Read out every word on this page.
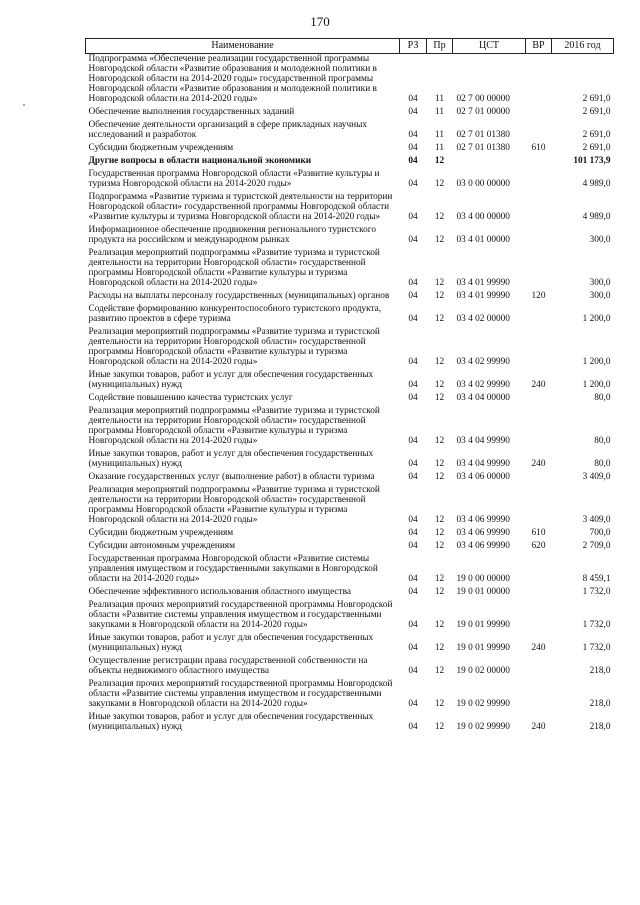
170
Наименование	РЗ	Пр	ЦСТ	ВР	2016 год
Подпрограмма «Обеспечение реализации государственной программы Новгородской области «Развитие образования и молодежной политики в Новгородской области на 2014-2020 годы» государственной программы Новгородской области «Развитие образования и молодежной политики в Новгородской области на 2014-2020 годы»	04	11	02 7 00 00000		2 691,0
Обеспечение выполнения государственных заданий	04	11	02 7 01 00000		2 691,0
Обеспечение деятельности организаций в сфере прикладных научных исследований и разработок	04	11	02 7 01 01380		2 691,0
Субсидии бюджетным учреждениям	04	11	02 7 01 01380	610	2 691,0
Другие вопросы в области национальной экономики	04	12			101 173,9
Государственная программа Новгородской области «Развитие культуры и туризма Новгородской области на 2014-2020 годы»	04	12	03 0 00 00000		4 989,0
Подпрограмма «Развитие туризма и туристской деятельности на территории Новгородской области» государственной программы Новгородской области «Развитие культуры и туризма Новгородской области на 2014-2020 годы»	04	12	03 4 00 00000		4 989,0
Информационное обеспечение продвижения регионального туристского продукта на российском и международном рынках	04	12	03 4 01 00000		300,0
Реализация мероприятий подпрограммы «Развитие туризма и туристской деятельности на территории Новгородской области» государственной программы Новгородской области «Развитие культуры и туризма Новгородской области на 2014-2020 годы»	04	12	03 4 01 99990		300,0
Расходы на выплаты персоналу государственных (муниципальных) органов	04	12	03 4 01 99990	120	300,0
Содействие формированию конкурентоспособного туристского продукта, развитию проектов в сфере туризма	04	12	03 4 02 00000		1 200,0
Реализация мероприятий подпрограммы «Развитие туризма и туристской деятельности на территории Новгородской области» государственной программы Новгородской области «Развитие культуры и туризма Новгородской области на 2014-2020 годы»	04	12	03 4 02 99990		1 200,0
Иные закупки товаров, работ и услуг для обеспечения государственных (муниципальных) нужд	04	12	03 4 02 99990	240	1 200,0
Содействие повышению качества туристских услуг	04	12	03 4 04 00000		80,0
Реализация мероприятий подпрограммы «Развитие туризма и туристской деятельности на территории Новгородской области» государственной программы Новгородской области «Развитие культуры и туризма Новгородской области на 2014-2020 годы»	04	12	03 4 04 99990		80,0
Иные закупки товаров, работ и услуг для обеспечения государственных (муниципальных) нужд	04	12	03 4 04 99990	240	80,0
Оказание государственных услуг (выполнение работ) в области туризма	04	12	03 4 06 00000		3 409,0
Реализация мероприятий подпрограммы «Развитие туризма и туристской деятельности на территории Новгородской области» государственной программы Новгородской области «Развитие культуры и туризма Новгородской области на 2014-2020 годы»	04	12	03 4 06 99990		3 409,0
Субсидии бюджетным учреждениям	04	12	03 4 06 99990	610	700,0
Субсидии автономным учреждениям	04	12	03 4 06 99990	620	2 709,0
Государственная программа Новгородской области «Развитие системы управления имуществом и государственными закупками в Новгородской области на 2014-2020 годы»	04	12	19 0 00 00000		8 459,1
Обеспечение эффективного использования областного имущества	04	12	19 0 01 00000		1 732,0
Реализация прочих мероприятий государственной программы Новгородской области «Развитие системы управления имуществом и государственными закупками в Новгородской области на 2014-2020 годы»	04	12	19 0 01 99990		1 732,0
Иные закупки товаров, работ и услуг для обеспечения государственных (муниципальных) нужд	04	12	19 0 01 99990	240	1 732,0
Осуществление регистрации права государственной собственности на объекты недвижимого областного имущества	04	12	19 0 02 00000		218,0
Реализация прочих мероприятий государственной программы Новгородской области «Развитие системы управления имуществом и государственными закупками в Новгородской области на 2014-2020 годы»	04	12	19 0 02 99990		218,0
Иные закупки товаров, работ и услуг для обеспечения государственных (муниципальных) нужд	04	12	19 0 02 99990	240	218,0
